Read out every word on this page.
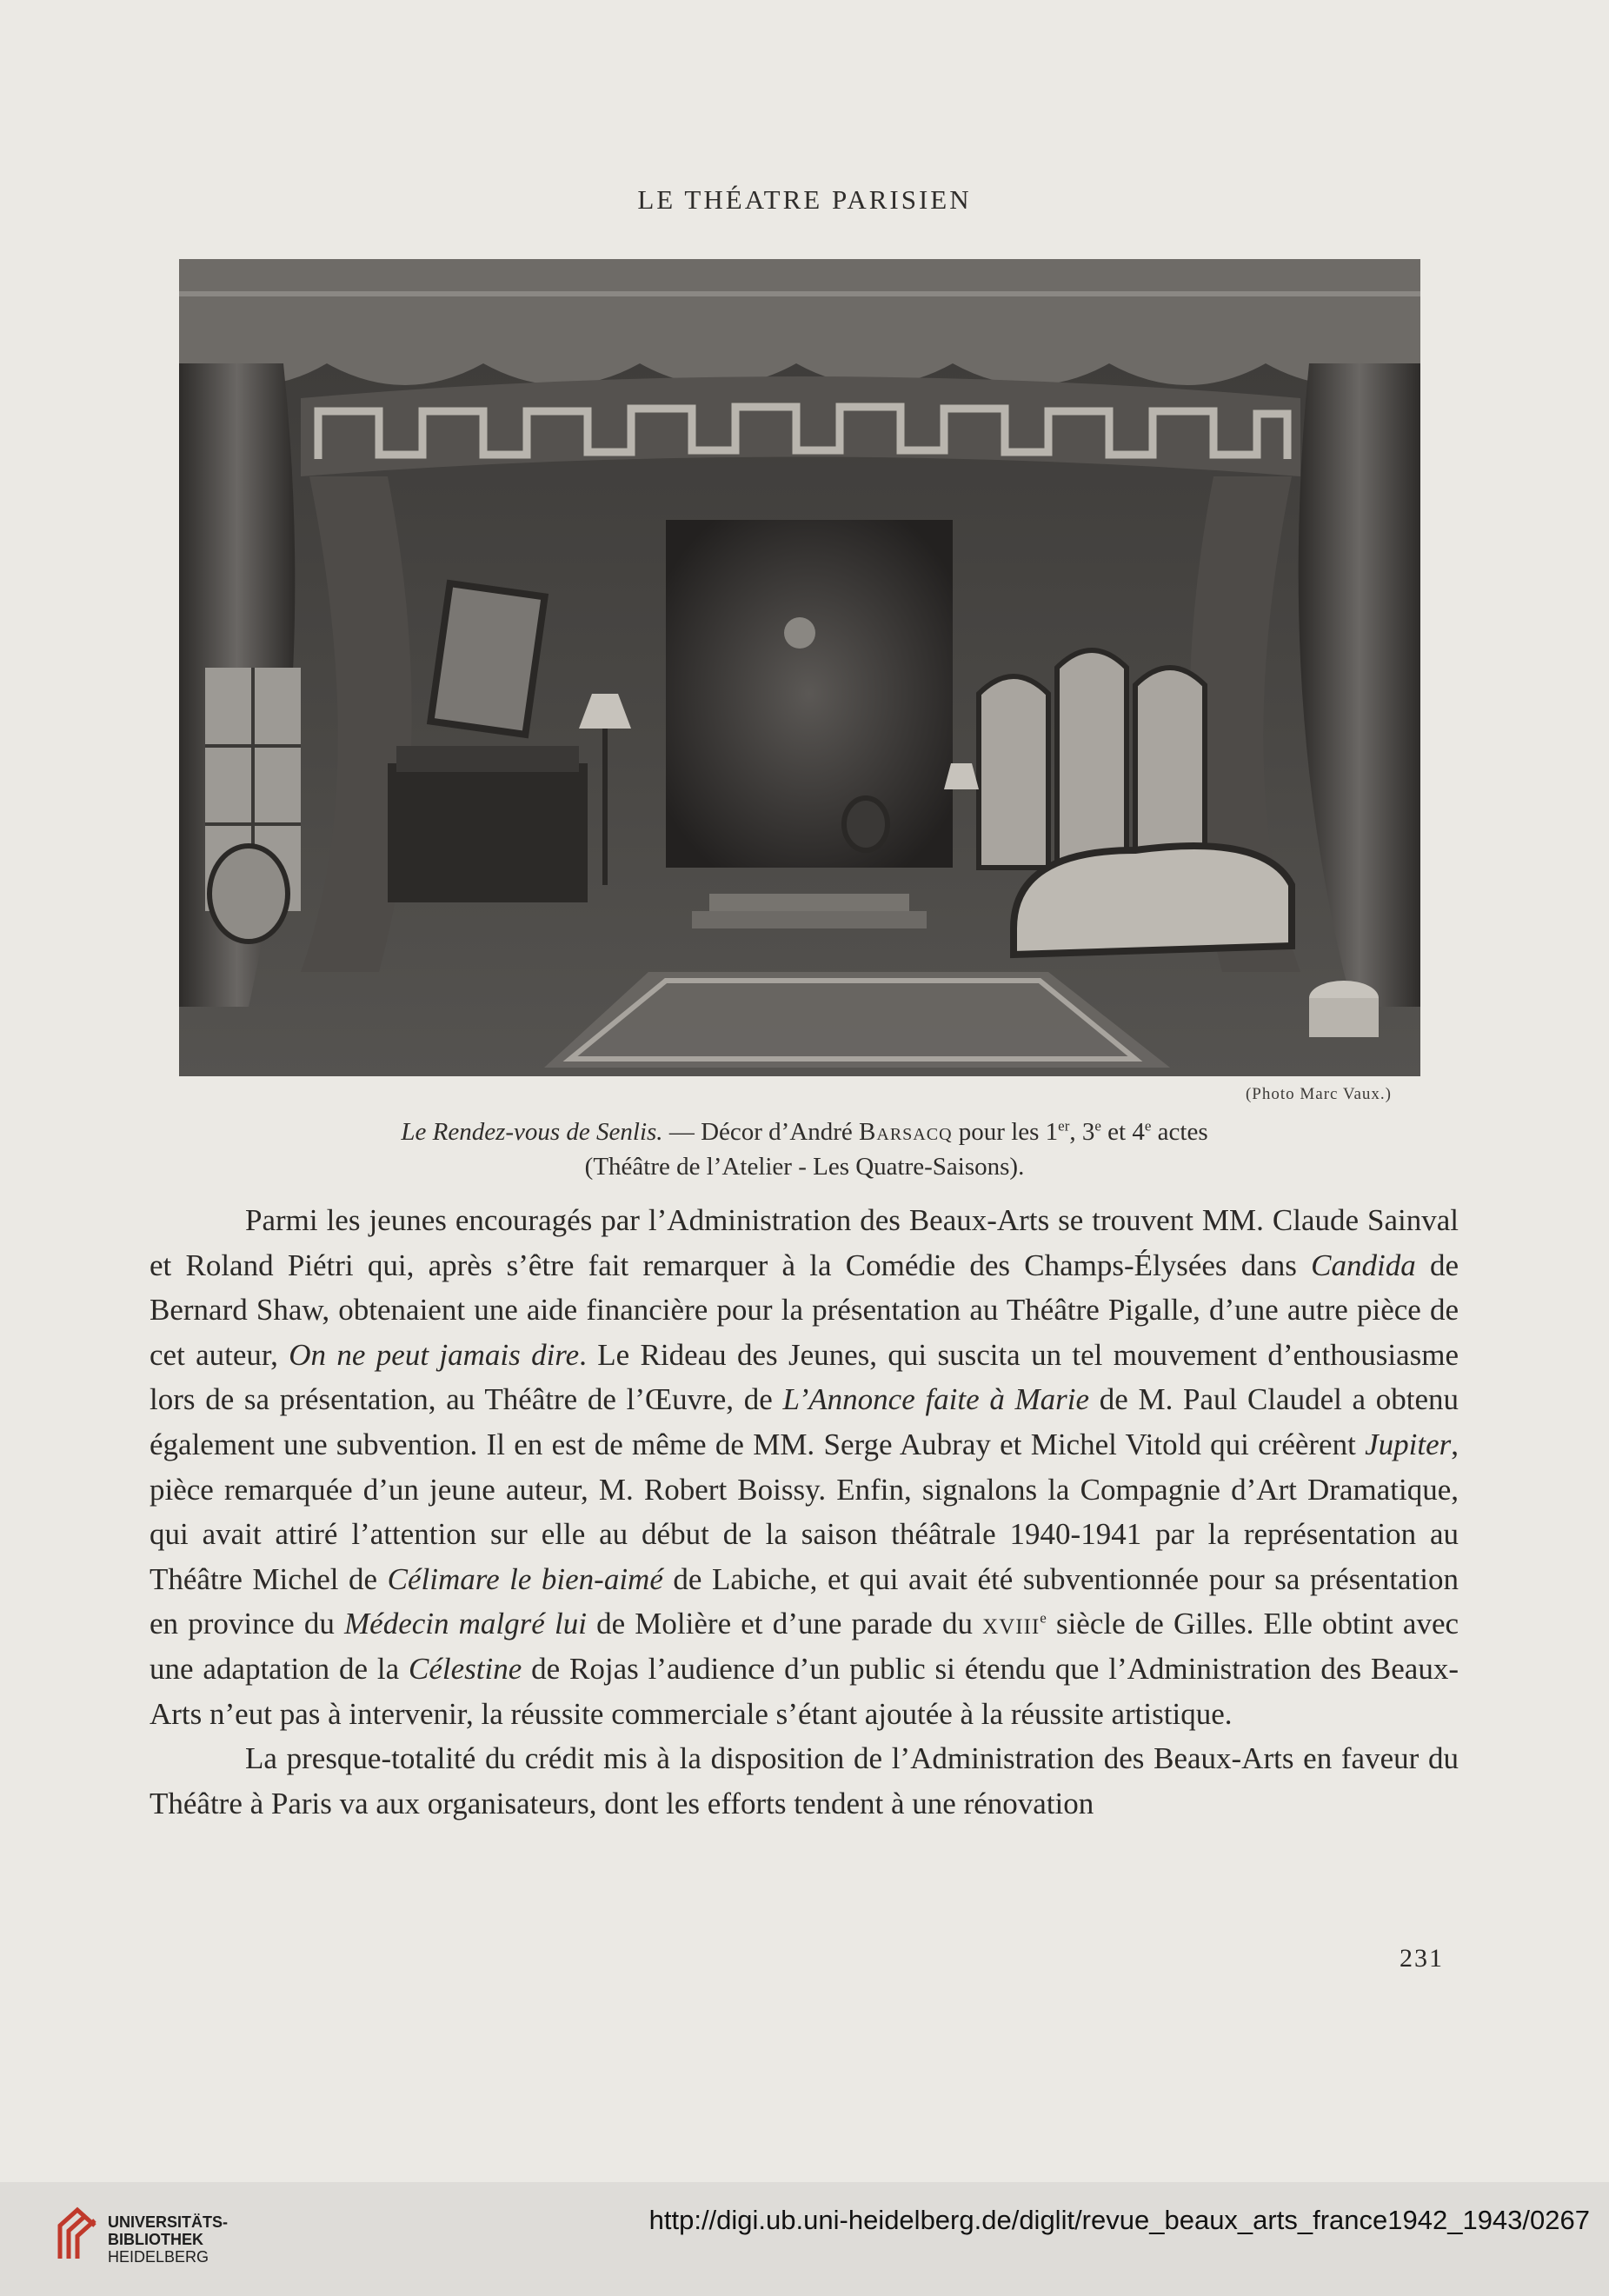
LE THÉATRE PARISIEN
(Photo Marc Vaux.)
Le Rendez-vous de Senlis. — Décor d’André Barsacq pour les 1er, 3e et 4e actes
(Théâtre de l’Atelier - Les Quatre-Saisons).

Parmi les jeunes encouragés par l’Administration des Beaux-Arts se trouvent MM. Claude Sainval et Roland Piétri qui, après s’être fait remarquer à la Comédie des Champs-Élysées dans Candida de Bernard Shaw, obtenaient une aide financière pour la présentation au Théâtre Pigalle, d’une autre pièce de cet auteur, On ne peut jamais dire. Le Rideau des Jeunes, qui suscita un tel mouvement d’enthousiasme lors de sa présentation, au Théâtre de l’Œuvre, de L’Annonce faite à Marie de M. Paul Claudel a obtenu également une subvention. Il en est de même de MM. Serge Aubray et Michel Vitold qui créèrent Jupiter, pièce remarquée d’un jeune auteur, M. Robert Boissy. Enfin, signalons la Compagnie d’Art Dramatique, qui avait attiré l’attention sur elle au début de la saison théâtrale 1940-1941 par la représentation au Théâtre Michel de Célimare le bien-aimé de Labiche, et qui avait été subventionnée pour sa présentation en province du Médecin malgré lui de Molière et d’une parade du xviii$^e$ siècle de Gilles. Elle obtint avec une adaptation de la Célestine de Rojas l’audience d’un public si étendu que l’Administration des Beaux-Arts n’eut pas à intervenir, la réussite commerciale s’étant ajoutée à la réussite artistique.

La presque-totalité du crédit mis à la disposition de l’Administration des Beaux-Arts en faveur du Théâtre à Paris va aux organisateurs, dont les efforts tendent à une rénovation

231
UNIVERSITÄTS-
BIBLIOTHEK
HEIDELBERG
http://digi.ub.uni-heidelberg.de/diglit/revue_beaux_arts_france1942_1943/0267
